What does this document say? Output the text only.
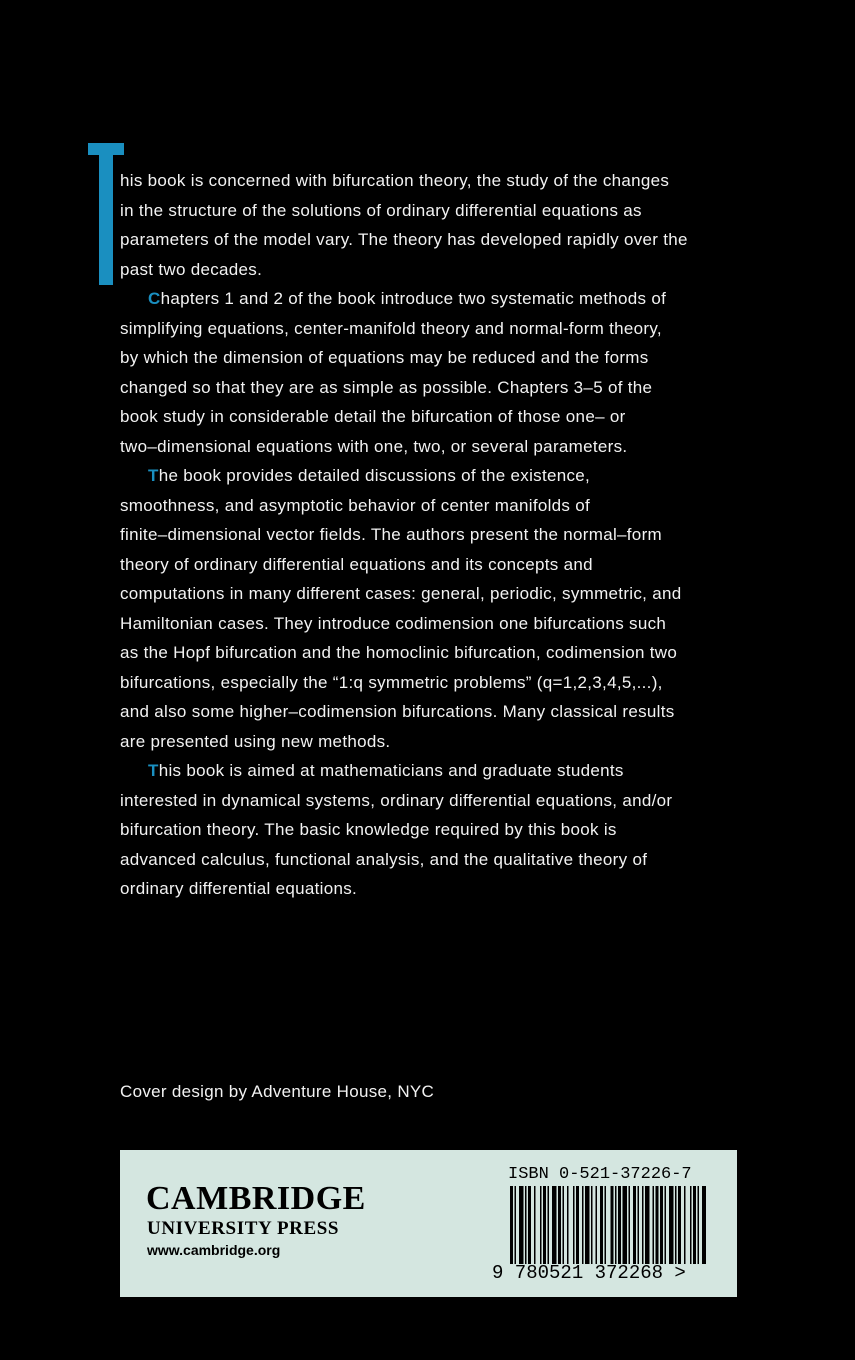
his book is concerned with bifurcation theory, the study of the changes
in the structure of the solutions of ordinary differential equations as
parameters of the model vary. The theory has developed rapidly over the
past two decades.

Chapters 1 and 2 of the book introduce two systematic methods of
simplifying equations, center-manifold theory and normal-form theory,
by which the dimension of equations may be reduced and the forms
changed so that they are as simple as possible. Chapters 3–5 of the
book study in considerable detail the bifurcation of those one– or
two–dimensional equations with one, two, or several parameters.

The book provides detailed discussions of the existence,
smoothness, and asymptotic behavior of center manifolds of
finite–dimensional vector fields. The authors present the normal–form
theory of ordinary differential equations and its concepts and
computations in many different cases: general, periodic, symmetric, and
Hamiltonian cases. They introduce codimension one bifurcations such
as the Hopf bifurcation and the homoclinic bifurcation, codimension two
bifurcations, especially the “1:q symmetric problems” (q=1,2,3,4,5,...),
and also some higher–codimension bifurcations. Many classical results
are presented using new methods.

This book is aimed at mathematicians and graduate students
interested in dynamical systems, ordinary differential equations, and/or
bifurcation theory. The basic knowledge required by this book is
advanced calculus, functional analysis, and the qualitative theory of
ordinary differential equations.

Cover design by Adventure House, NYC
CAMBRIDGE
UNIVERSITY PRESS
www.cambridge.org
ISBN 0-521-37226-7
9 780521 372268 >
